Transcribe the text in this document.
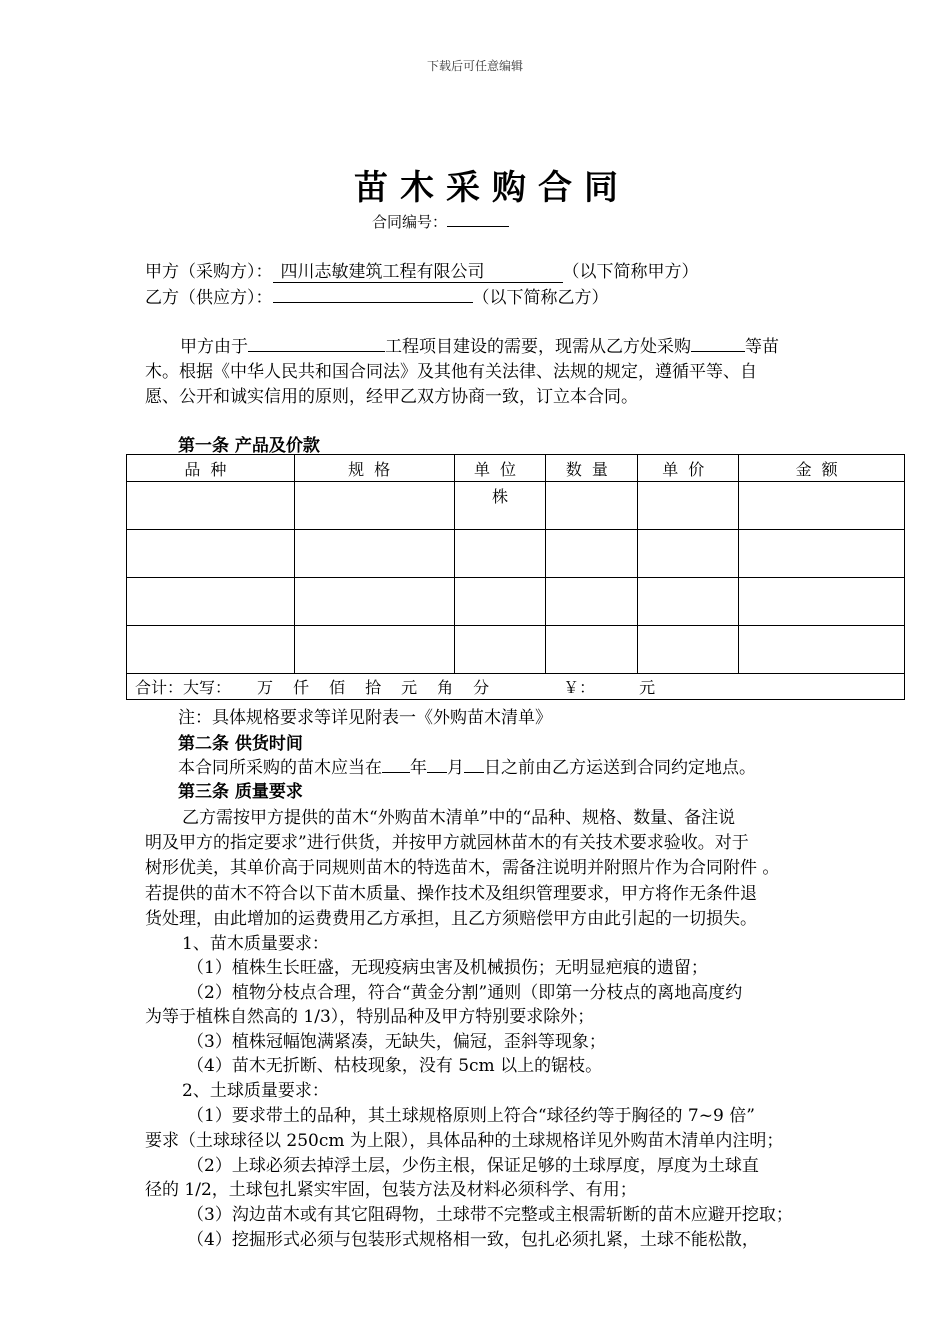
下载后可任意编辑
苗木采购合同
合同编号：
甲方（采购方）： 四川志敏建筑工程有限公司	（以下简称甲方）
乙方（供应方）：	（以下简称乙方）
甲方由于	工程项目建设的需要，现需从乙方处采购	等苗
木。根据《中华人民共和国合同法》及其他有关法律、法规的规定，遵循平等、自
愿、公开和诚实信用的原则，经甲乙双方协商一致，订立本合同。
第一条 产品及价款
品种	规格	单位	数量	单价	金额
		株			

合计：大写： 万 仟 佰 拾 元 角 分 ￥： 元					
注：具体规格要求等详见附表一《外购苗木清单》
第二条 供货时间
本合同所采购的苗木应当在 年 月 日之前由乙方运送到合同约定地点。
第三条 质量要求
乙方需按甲方提供的苗木“外购苗木清单”中的“品种、规格、数量、备注说
明及甲方的指定要求”进行供货，并按甲方就园林苗木的有关技术要求验收。对于
树形优美，其单价高于同规则苗木的特选苗木，需备注说明并附照片作为合同附件 。
若提供的苗木不符合以下苗木质量、操作技术及组织管理要求，甲方将作无条件退
货处理，由此增加的运费费用乙方承担，且乙方须赔偿甲方由此引起的一切损失。
1、苗木质量要求：
（1）植株生长旺盛，无现疫病虫害及机械损伤；无明显疤痕的遗留；
（2）植物分枝点合理，符合“黄金分割”通则（即第一分枝点的离地高度约
为等于植株自然高的 1/3），特别品种及甲方特别要求除外；
（3）植株冠幅饱满紧凑，无缺失，偏冠，歪斜等现象；
（4）苗木无折断、枯枝现象，没有 5cm 以上的锯枝。
2、土球质量要求：
（1）要求带土的品种，其土球规格原则上符合“球径约等于胸径的 7~9 倍”
要求（土球球径以 250cm 为上限），具体品种的土球规格详见外购苗木清单内注明；
（2）上球必须去掉浮土层，少伤主根，保证足够的土球厚度，厚度为土球直
径的 1/2，土球包扎紧实牢固，包装方法及材料必须科学、有用；
（3）沟边苗木或有其它阻碍物，土球带不完整或主根需斩断的苗木应避开挖取；
（4）挖掘形式必须与包装形式规格相一致，包扎必须扎紧，土球不能松散，
